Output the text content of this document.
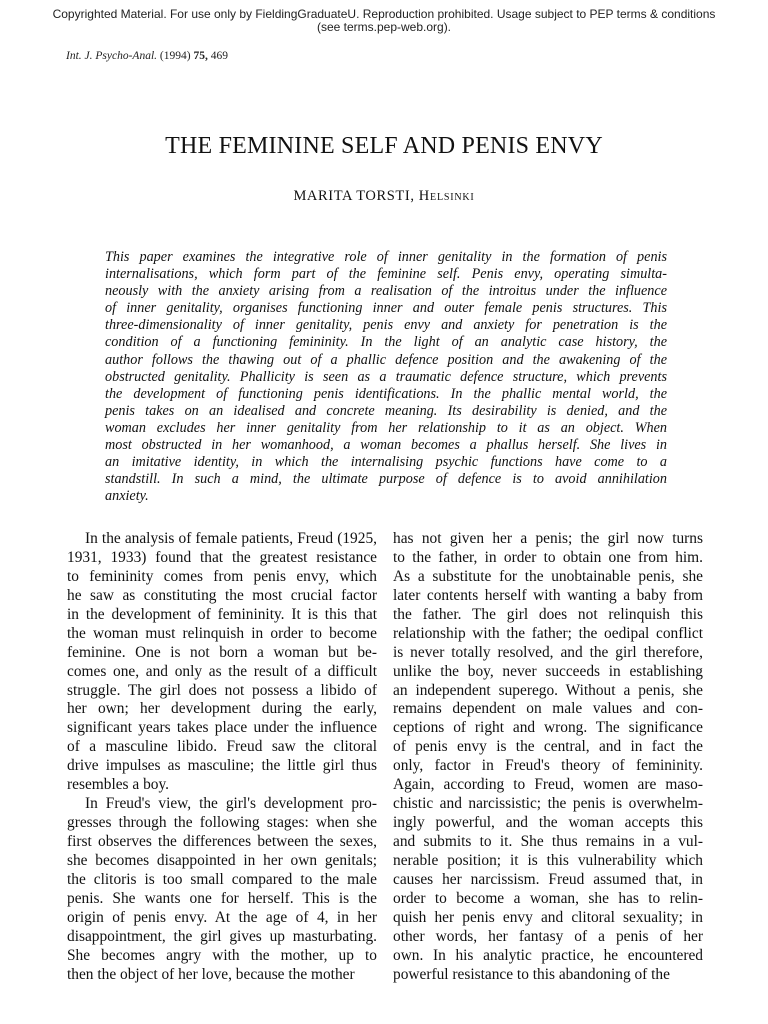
Copyrighted Material. For use only by FieldingGraduateU. Reproduction prohibited. Usage subject to PEP terms & conditions
(see terms.pep-web.org).
Int. J. Psycho-Anal. (1994) 75, 469
THE FEMININE SELF AND PENIS ENVY
MARITA TORSTI, Helsinki
This paper examines the integrative role of inner genitality in the formation of penis
internalisations, which form part of the feminine self. Penis envy, operating simulta-
neously with the anxiety arising from a realisation of the introitus under the influence
of inner genitality, organises functioning inner and outer female penis structures. This
three-dimensionality of inner genitality, penis envy and anxiety for penetration is the
condition of a functioning femininity. In the light of an analytic case history, the
author follows the thawing out of a phallic defence position and the awakening of the
obstructed genitality. Phallicity is seen as a traumatic defence structure, which prevents
the development of functioning penis identifications. In the phallic mental world, the
penis takes on an idealised and concrete meaning. Its desirability is denied, and the
woman excludes her inner genitality from her relationship to it as an object. When
most obstructed in her womanhood, a woman becomes a phallus herself. She lives in
an imitative identity, in which the internalising psychic functions have come to a
standstill. In such a mind, the ultimate purpose of defence is to avoid annihilation
anxiety.
In the analysis of female patients, Freud (1925,
1931, 1933) found that the greatest resistance
to femininity comes from penis envy, which
he saw as constituting the most crucial factor
in the development of femininity. It is this that
the woman must relinquish in order to become
feminine. One is not born a woman but be-
comes one, and only as the result of a difficult
struggle. The girl does not possess a libido of
her own; her development during the early,
significant years takes place under the influence
of a masculine libido. Freud saw the clitoral
drive impulses as masculine; the little girl thus
resembles a boy.
In Freud's view, the girl's development pro-
gresses through the following stages: when she
first observes the differences between the sexes,
she becomes disappointed in her own genitals;
the clitoris is too small compared to the male
penis. She wants one for herself. This is the
origin of penis envy. At the age of 4, in her
disappointment, the girl gives up masturbating.
She becomes angry with the mother, up to
then the object of her love, because the mother
has not given her a penis; the girl now turns
to the father, in order to obtain one from him.
As a substitute for the unobtainable penis, she
later contents herself with wanting a baby from
the father. The girl does not relinquish this
relationship with the father; the oedipal conflict
is never totally resolved, and the girl therefore,
unlike the boy, never succeeds in establishing
an independent superego. Without a penis, she
remains dependent on male values and con-
ceptions of right and wrong. The significance
of penis envy is the central, and in fact the
only, factor in Freud's theory of femininity.
Again, according to Freud, women are maso-
chistic and narcissistic; the penis is overwhelm-
ingly powerful, and the woman accepts this
and submits to it. She thus remains in a vul-
nerable position; it is this vulnerability which
causes her narcissism. Freud assumed that, in
order to become a woman, she has to relin-
quish her penis envy and clitoral sexuality; in
other words, her fantasy of a penis of her
own. In his analytic practice, he encountered
powerful resistance to this abandoning of the
